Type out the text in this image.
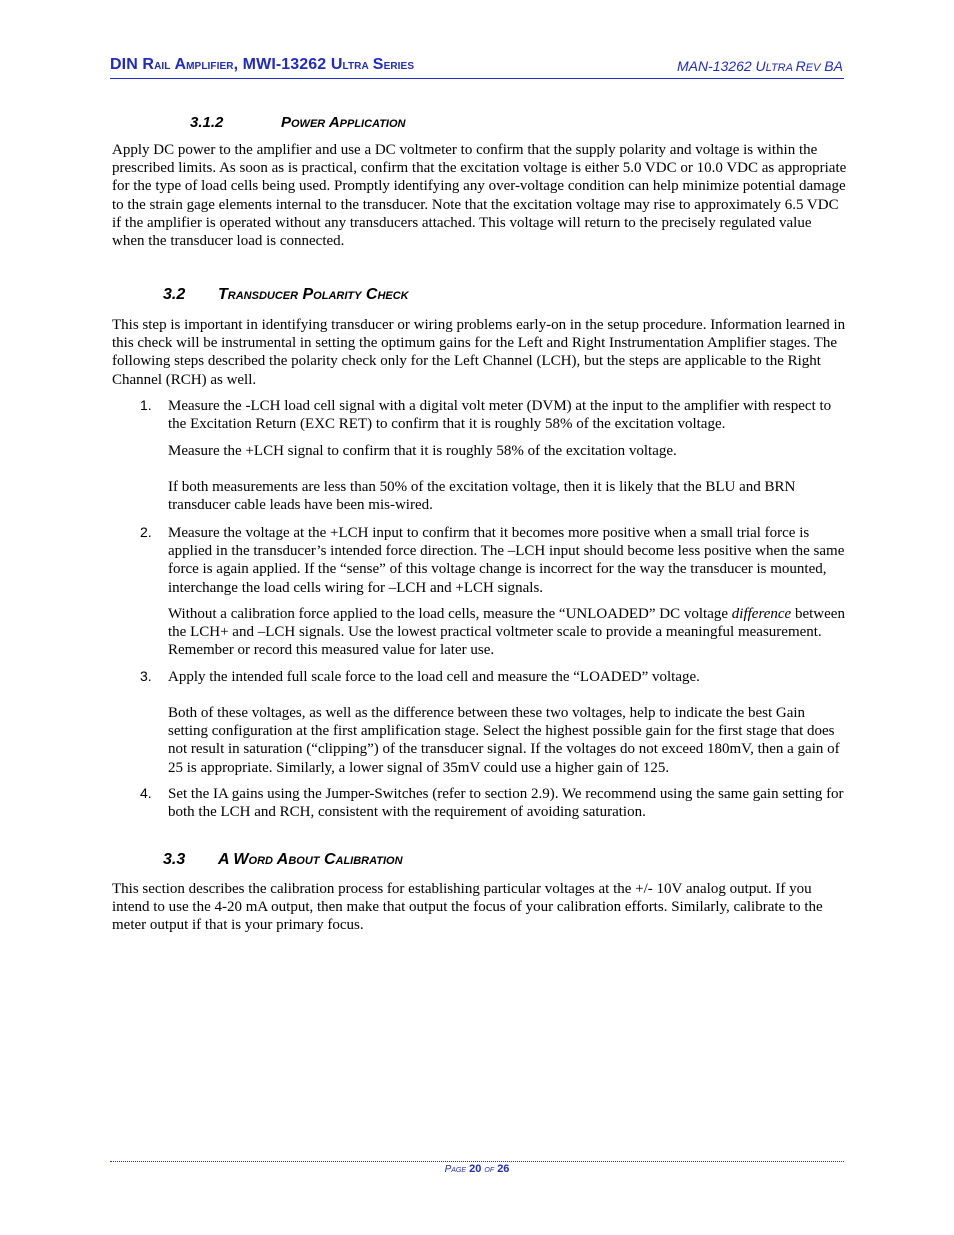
DIN Rail Amplifier, MWI-13262 Ultra Series	MAN-13262 ULTRA REV BA
3.1.2	Power Application

Apply DC power to the amplifier and use a DC voltmeter to confirm that the supply polarity and voltage is within the prescribed limits. As soon as is practical, confirm that the excitation voltage is either 5.0 VDC or 10.0 VDC as appropriate for the type of load cells being used. Promptly identifying any over-voltage condition can help minimize potential damage to the strain gage elements internal to the transducer. Note that the excitation voltage may rise to approximately 6.5 VDC if the amplifier is operated without any transducers attached. This voltage will return to the precisely regulated value when the transducer load is connected.

3.2 Transducer Polarity Check

This step is important in identifying transducer or wiring problems early-on in the setup procedure. Information learned in this check will be instrumental in setting the optimum gains for the Left and Right Instrumentation Amplifier stages. The following steps described the polarity check only for the Left Channel (LCH), but the steps are applicable to the Right Channel (RCH) as well.

1. Measure the -LCH load cell signal with a digital volt meter (DVM) at the input to the amplifier with respect to the Excitation Return (EXC RET) to confirm that it is roughly 58% of the excitation voltage.

Measure the +LCH signal to confirm that it is roughly 58% of the excitation voltage.

If both measurements are less than 50% of the excitation voltage, then it is likely that the BLU and BRN transducer cable leads have been mis-wired.

2. Measure the voltage at the +LCH input to confirm that it becomes more positive when a small trial force is applied in the transducer’s intended force direction. The –LCH input should become less positive when the same force is again applied. If the “sense” of this voltage change is incorrect for the way the transducer is mounted, interchange the load cells wiring for –LCH and +LCH signals.

Without a calibration force applied to the load cells, measure the “UNLOADED” DC voltage difference between the LCH+ and –LCH signals. Use the lowest practical voltmeter scale to provide a meaningful measurement. Remember or record this measured value for later use.

3. Apply the intended full scale force to the load cell and measure the “LOADED” voltage.

Both of these voltages, as well as the difference between these two voltages, help to indicate the best Gain setting configuration at the first amplification stage. Select the highest possible gain for the first stage that does not result in saturation (“clipping”) of the transducer signal. If the voltages do not exceed 180mV, then a gain of 25 is appropriate. Similarly, a lower signal of 35mV could use a higher gain of 125.

4. Set the IA gains using the Jumper-Switches (refer to section 2.9). We recommend using the same gain setting for both the LCH and RCH, consistent with the requirement of avoiding saturation.

3.3 A Word About Calibration

This section describes the calibration process for establishing particular voltages at the +/- 10V analog output. If you intend to use the 4-20 mA output, then make that output the focus of your calibration efforts. Similarly, calibrate to the meter output if that is your primary focus.

Page 20 of 26
